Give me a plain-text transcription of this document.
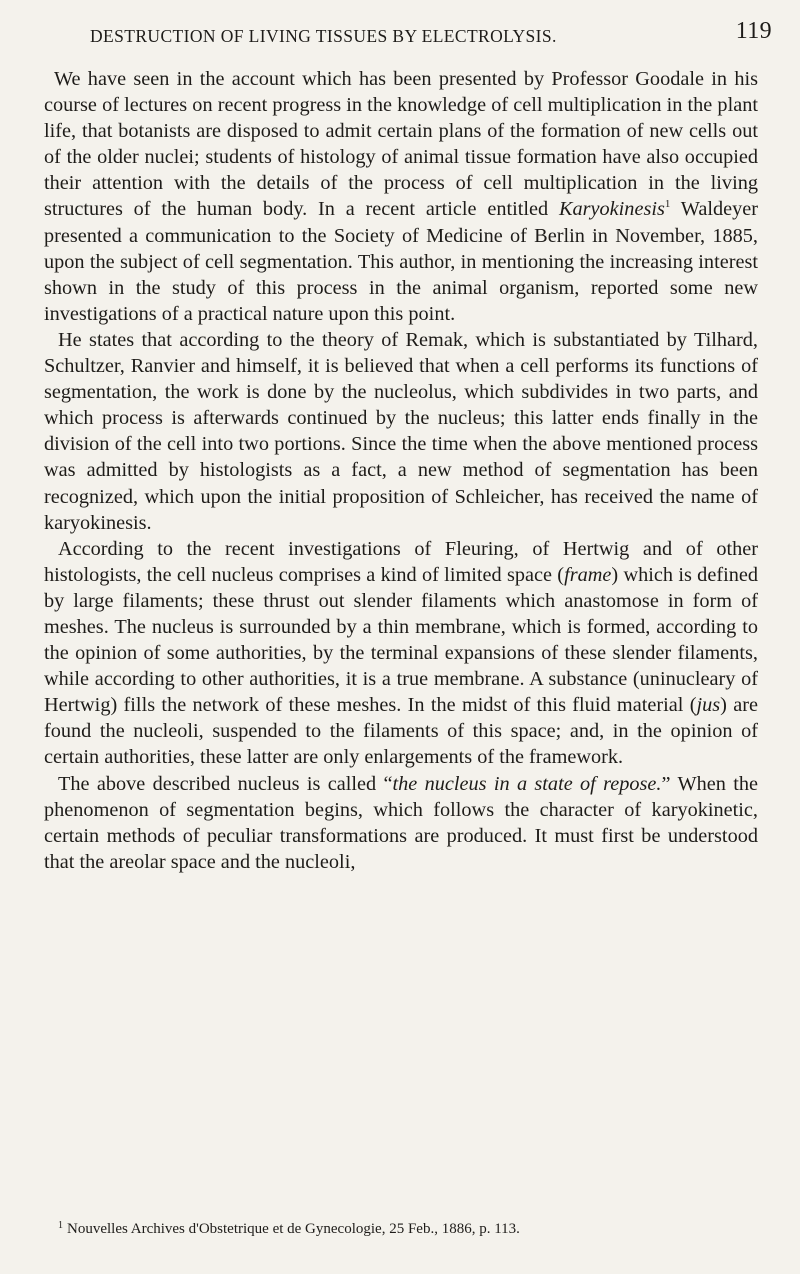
DESTRUCTION OF LIVING TISSUES BY ELECTROLYSIS.	119

We have seen in the account which has been presented by Professor Goodale in his course of lectures on recent progress in the knowledge of cell multiplication in the plant life, that botanists are disposed to admit certain plans of the formation of new cells out of the older nuclei; students of histology of animal tissue formation have also occupied their attention with the details of the process of cell multiplication in the living structures of the human body. In a recent article entitled Karyokinesis$^1$ Waldeyer presented a communication to the Society of Medicine of Berlin in November, 1885, upon the subject of cell segmentation. This author, in mentioning the increasing interest shown in the study of this process in the animal organism, reported some new investigations of a practical nature upon this point.

He states that according to the theory of Remak, which is substantiated by Tilhard, Schultzer, Ranvier and himself, it is believed that when a cell performs its functions of segmentation, the work is done by the nucleolus, which subdivides in two parts, and which process is afterwards continued by the nucleus; this latter ends finally in the division of the cell into two portions. Since the time when the above mentioned process was admitted by histologists as a fact, a new method of segmentation has been recognized, which upon the initial proposition of Schleicher, has received the name of karyokinesis.

According to the recent investigations of Fleuring, of Hertwig and of other histologists, the cell nucleus comprises a kind of limited space (frame) which is defined by large filaments; these thrust out slender filaments which anastomose in form of meshes. The nucleus is surrounded by a thin membrane, which is formed, according to the opinion of some authorities, by the terminal expansions of these slender filaments, while according to other authorities, it is a true membrane. A substance (uninucleary of Hertwig) fills the network of these meshes. In the midst of this fluid material (jus) are found the nucleoli, suspended to the filaments of this space; and, in the opinion of certain authorities, these latter are only enlargements of the framework.

The above described nucleus is called “the nucleus in a state of repose.” When the phenomenon of segmentation begins, which follows the character of karyokinetic, certain methods of peculiar transformations are produced. It must first be understood that the areolar space and the nucleoli,

$^1$ Nouvelles Archives d'Obstetrique et de Gynecologie, 25 Feb., 1886, p. 113.
